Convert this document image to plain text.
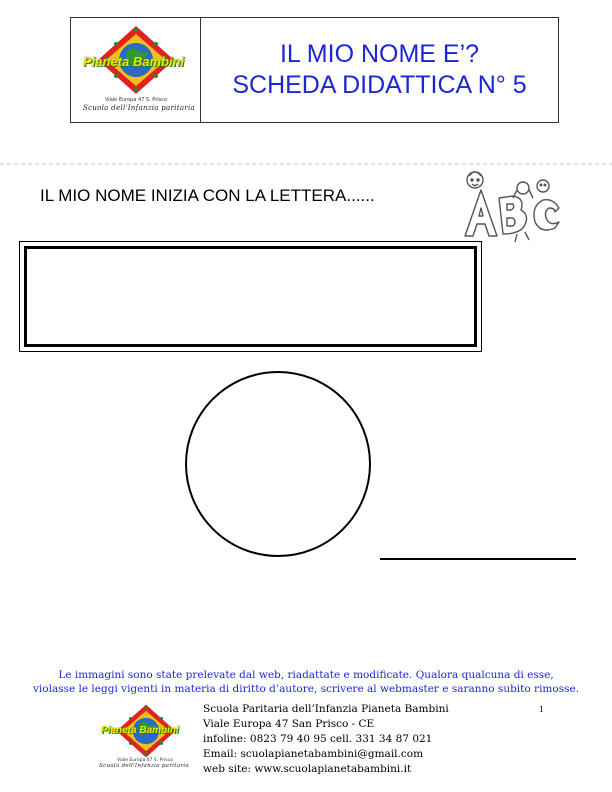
Pianeta Bambini
Viale Europa 47 S. Prisco
Scuola dell'Infanzia paritaria
IL MIO NOME E’?
SCHEDA DIDATTICA N° 5
IL MIO NOME INIZIA CON LA LETTERA......
Le immagini sono state prelevate dal web, riadattate e modificate. Qualora qualcuna di esse,
violasse le leggi vigenti in materia di diritto d’autore, scrivere al webmaster e saranno subito rimosse.
1
Pianeta Bambini
Viale Europa 47 S. Prisco
Scuola dell'Infanzia paritaria
Scuola Paritaria dell’Infanzia Pianeta Bambini
Viale Europa 47 San Prisco - CE
infoline: 0823 79 40 95 cell. 331 34 87 021
Email: scuolapianetabambini@gmail.com
web site: www.scuolapianetabambini.it
